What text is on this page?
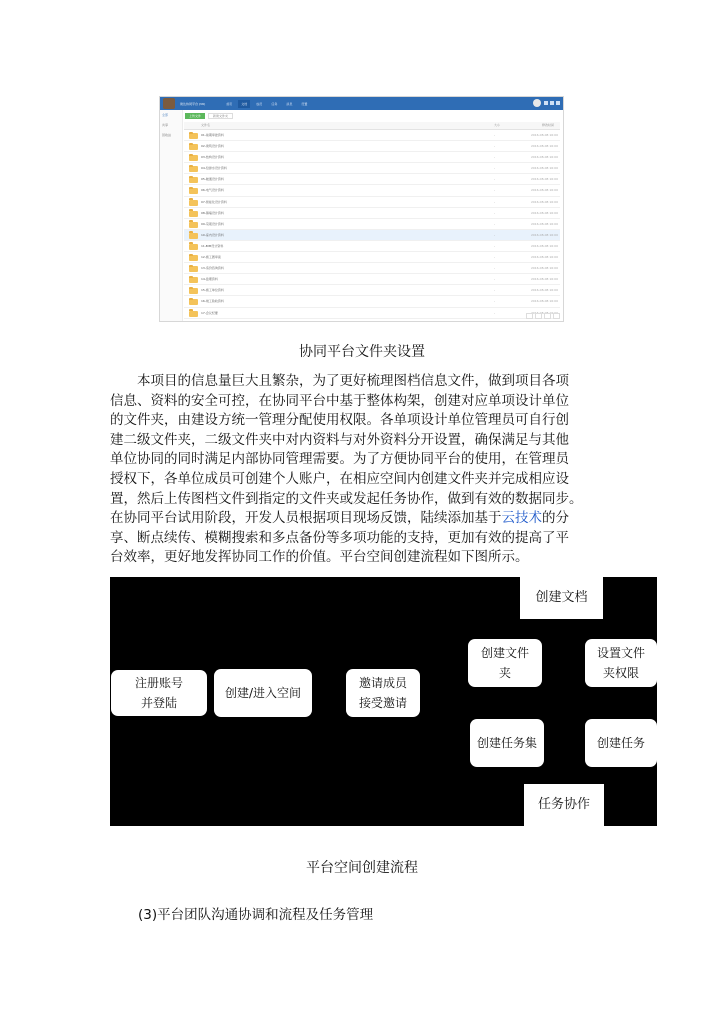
建达协同平台 (V6)	首页	文档	成员	任务	消息	设置
全部
共享
回收站
上传文件	新建文件夹
文件名	大小	修改时间
01-前期审批资料	-	2016-08-08 16:00
02-建筑设计资料	-	2016-08-08 16:00
03-结构设计资料	-	2016-08-08 16:00
04-给排水设计资料	-	2016-08-08 16:00
05-暖通设计资料	-	2016-08-08 16:00
06-电气设计资料	-	2016-08-08 16:00
07-智能化设计资料	-	2016-08-08 16:00
08-幕墙设计资料	-	2016-08-08 16:00
09-景观设计资料	-	2016-08-08 16:00
10-室内设计资料	-	2016-08-08 16:00
11-BIM设计资料	-	2016-08-08 16:00
12-施工图审查	-	2016-08-08 16:00
13-造价咨询资料	-	2016-08-08 16:00
14-监理资料	-	2016-08-08 16:00
15-施工单位资料	-	2016-08-08 16:00
16-竣工验收资料	-	2016-08-08 16:00
17-会议纪要	-	2016-08-08 16:00
协同平台文件夹设置

本项目的信息量巨大且繁杂，为了更好梳理图档信息文件，做到项目各项

信息、资料的安全可控，在协同平台中基于整体构架，创建对应单项设计单位

的文件夹，由建设方统一管理分配使用权限。各单项设计单位管理员可自行创

建二级文件夹，二级文件夹中对内资料与对外资料分开设置，确保满足与其他

单位协同的同时满足内部协同管理需要。为了方便协同平台的使用，在管理员

授权下，各单位成员可创建个人账户，在相应空间内创建文件夹并完成相应设

置，然后上传图档文件到指定的文件夹或发起任务协作，做到有效的数据同步。

在协同平台试用阶段，开发人员根据项目现场反馈，陆续添加基于云技术的分

享、断点续传、模糊搜索和多点备份等多项功能的支持，更加有效的提高了平

台效率，更好地发挥协同工作的价值。平台空间创建流程如下图所示。

注册账号
并登陆
创建/进入空间
邀请成员
接受邀请
创建文档
创建文件
夹
设置文件
夹权限
创建任务集	创建任务
任务协作
平台空间创建流程
(3)平台团队沟通协调和流程及任务管理
